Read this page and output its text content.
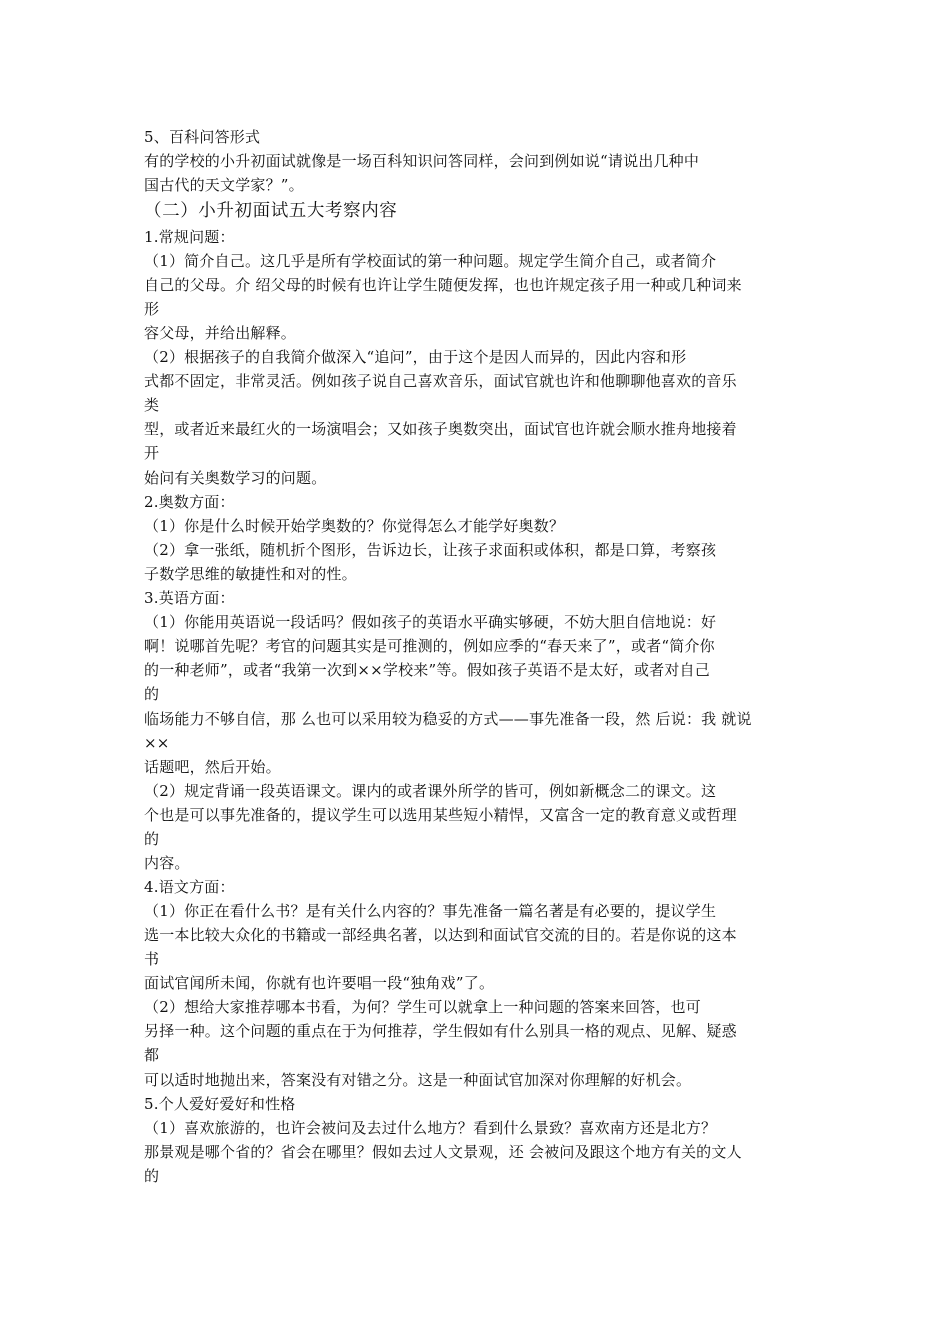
5、百科问答形式
有的学校的小升初面试就像是一场百科知识问答同样，会问到例如说“请说出几种中
国古代的天文学家？”。
（二）小升初面试五大考察内容
1.常规问题：
（1）简介自己。这几乎是所有学校面试的第一种问题。规定学生简介自己，或者简介
自己的父母。介 绍父母的时候有也许让学生随便发挥，也也许规定孩子用一种或几种词来
形
容父母，并给出解释。
（2）根据孩子的自我简介做深入“追问”，由于这个是因人而异的，因此内容和形
式都不固定，非常灵活。例如孩子说自己喜欢音乐，面试官就也许和他聊聊他喜欢的音乐
类
型，或者近来最红火的一场演唱会；又如孩子奥数突出，面试官也许就会顺水推舟地接着
开
始问有关奥数学习的问题。
2.奥数方面：
（1）你是什么时候开始学奥数的？你觉得怎么才能学好奥数？
（2）拿一张纸，随机折个图形，告诉边长，让孩子求面积或体积，都是口算，考察孩
子数学思维的敏捷性和对的性。
3.英语方面：
（1）你能用英语说一段话吗？假如孩子的英语水平确实够硬，不妨大胆自信地说：好
啊！说哪首先呢？考官的问题其实是可推测的，例如应季的“春天来了”，或者“简介你
的一种老师”，或者“我第一次到××学校来”等。假如孩子英语不是太好，或者对自己
的
临场能力不够自信，那 么也可以采用较为稳妥的方式——事先准备一段，然 后说：我 就说
××
话题吧，然后开始。
（2）规定背诵一段英语课文。课内的或者课外所学的皆可，例如新概念二的课文。这
个也是可以事先准备的，提议学生可以选用某些短小精悍，又富含一定的教育意义或哲理
的
内容。
4.语文方面：
（1）你正在看什么书？是有关什么内容的？事先准备一篇名著是有必要的，提议学生
选一本比较大众化的书籍或一部经典名著，以达到和面试官交流的目的。若是你说的这本
书
面试官闻所未闻，你就有也许要唱一段“独角戏”了。
（2）想给大家推荐哪本书看，为何？学生可以就拿上一种问题的答案来回答，也可
另择一种。这个问题的重点在于为何推荐，学生假如有什么别具一格的观点、见解、疑惑
都
可以适时地抛出来，答案没有对错之分。这是一种面试官加深对你理解的好机会。
5.个人爱好爱好和性格
（1）喜欢旅游的，也许会被问及去过什么地方？看到什么景致？喜欢南方还是北方？
那景观是哪个省的？省会在哪里？假如去过人文景观，还 会被问及跟这个地方有关的文人
的
